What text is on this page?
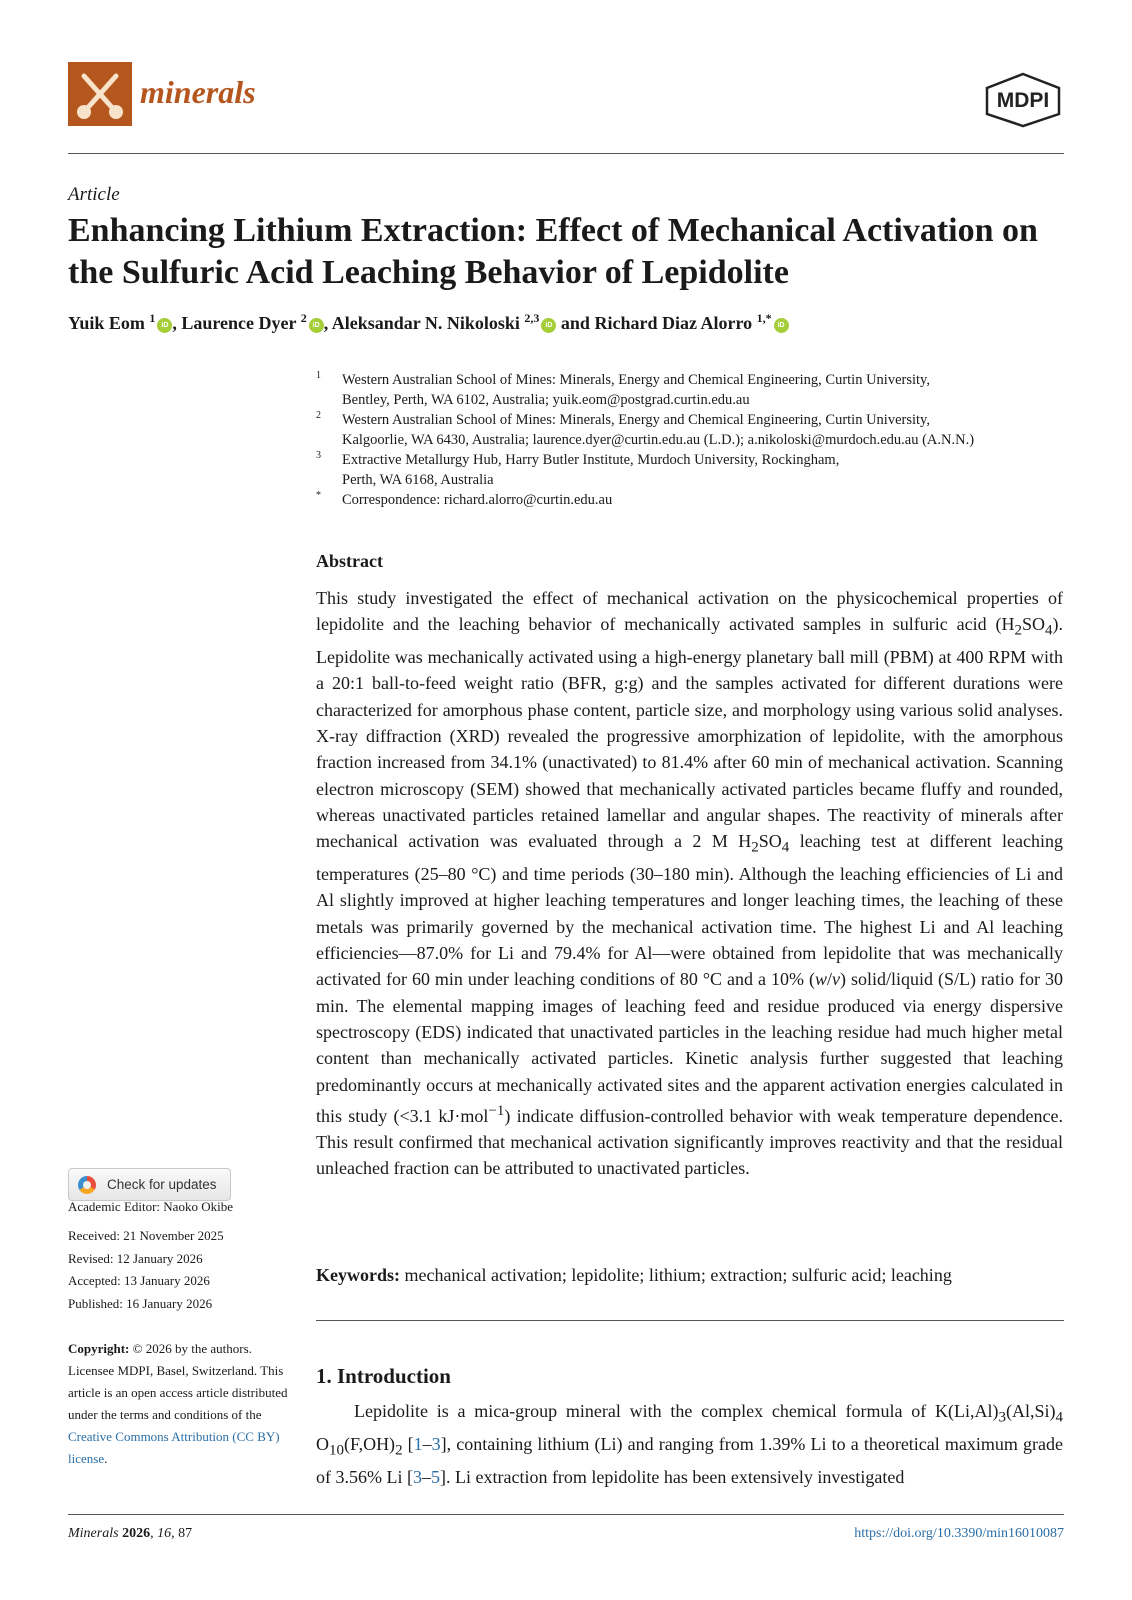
minerals	MDPI
Article
Enhancing Lithium Extraction: Effect of Mechanical Activation on the Sulfuric Acid Leaching Behavior of Lepidolite
Yuik Eom $^1$iD , Laurence Dyer $^2$iD , Aleksandar N. Nikoloski $^{2,3}$iD and Richard Diaz Alorro $^{1,*}$iD
1 Western Australian School of Mines: Minerals, Energy and Chemical Engineering, Curtin University,
Bentley, Perth, WA 6102, Australia; yuik.eom@postgrad.curtin.edu.au
2 Western Australian School of Mines: Minerals, Energy and Chemical Engineering, Curtin University,
Kalgoorlie, WA 6430, Australia; laurence.dyer@curtin.edu.au (L.D.); a.nikoloski@murdoch.edu.au (A.N.N.)
3 Extractive Metallurgy Hub, Harry Butler Institute, Murdoch University, Rockingham,
Perth, WA 6168, Australia
* Correspondence: richard.alorro@curtin.edu.au
Abstract

This study investigated the effect of mechanical activation on the physicochemical properties of lepidolite and the leaching behavior of mechanically activated samples in sulfuric acid $(H_2SO_4)$. Lepidolite was mechanically activated using a high-energy planetary ball mill (PBM) at 400 RPM with a 20:1 ball-to-feed weight ratio (BFR, g:g) and the samples activated for different durations were characterized for amorphous phase content, particle size, and morphology using various solid analyses. X-ray diffraction (XRD) revealed the progressive amorphization of lepidolite, with the amorphous fraction increased from 34.1% (unactivated) to 81.4% after 60 min of mechanical activation. Scanning electron microscopy (SEM) showed that mechanically activated particles became fluffy and rounded, whereas unactivated particles retained lamellar and angular shapes. The reactivity of minerals after mechanical activation was evaluated through a 2 M $H_2SO_4$ leaching test at different leaching temperatures (25–80 °C) and time periods (30–180 min). Although the leaching efficiencies of Li and Al slightly improved at higher leaching temperatures and longer leaching times, the leaching of these metals was primarily governed by the mechanical activation time. The highest Li and Al leaching efficiencies—87.0% for Li and 79.4% for Al—were obtained from lepidolite that was mechanically activated for 60 min under leaching conditions of 80 °C and a 10% (w/v) solid/liquid (S/L) ratio for 30 min. The elemental mapping images of leaching feed and residue produced via energy dispersive spectroscopy (EDS) indicated that unactivated particles in the leaching residue had much higher metal content than mechanically activated particles. Kinetic analysis further suggested that leaching predominantly occurs at mechanically activated sites and the apparent activation energies calculated in this study (<3.1 kJ·mol$^{-1}$) indicate diffusion-controlled behavior with weak temperature dependence. This result confirmed that mechanical activation significantly improves reactivity and that the residual unleached fraction can be attributed to unactivated particles.

Keywords: mechanical activation; lepidolite; lithium; extraction; sulfuric acid; leaching
1. Introduction

Lepidolite is a mica-group mineral with the complex chemical formula of $K(Li,Al)_3(Al,Si)_4$ $O_{10}(F,OH)_2$ [1–3], containing lithium (Li) and ranging from 1.39% Li to a theoretical maximum grade of 3.56% Li [3–5]. Li extraction from lepidolite has been extensively investigated

Check for updates
Academic Editor: Naoko Okibe
Received: 21 November 2025
Revised: 12 January 2026
Accepted: 13 January 2026
Published: 16 January 2026
Copyright: © 2026 by the authors. Licensee MDPI, Basel, Switzerland. This article is an open access article distributed under the terms and conditions of the Creative Commons Attribution (CC BY) license.
Minerals 2026, 16, 87	https://doi.org/10.3390/min16010087
